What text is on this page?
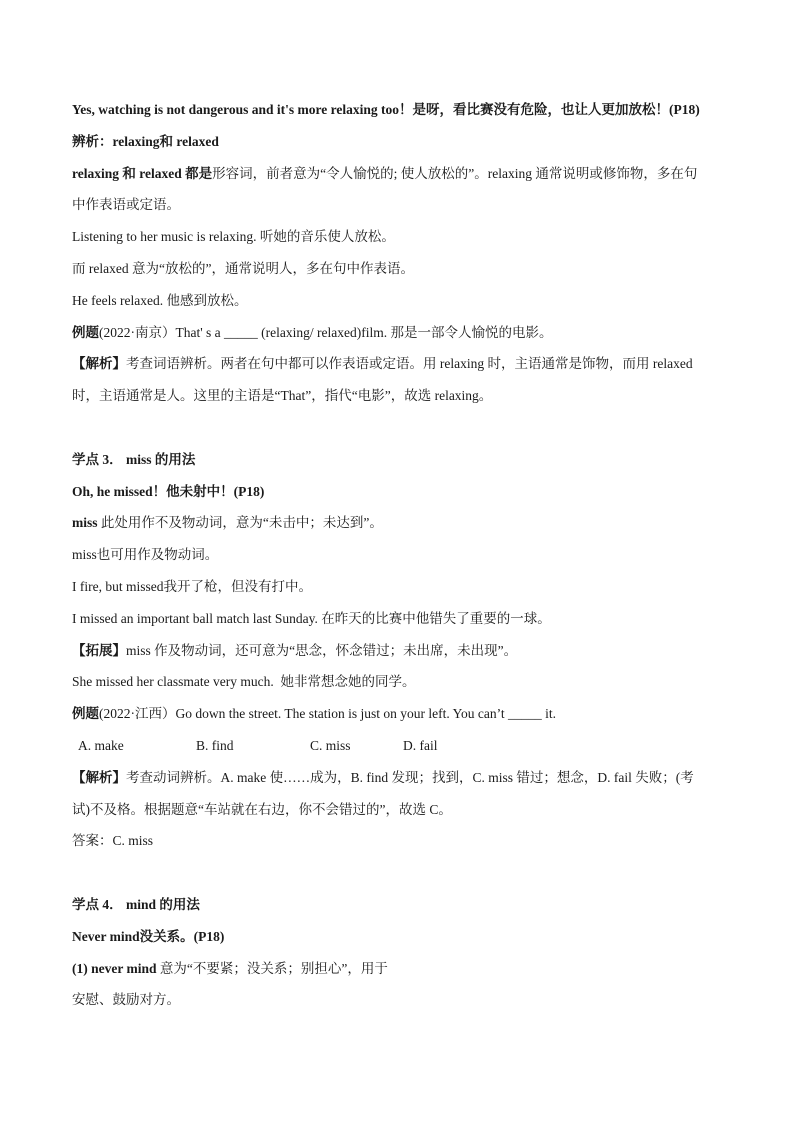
Yes, watching is not dangerous and it's more relaxing too！是呀，看比赛没有危险，也让人更加放松！(P18)
辨析：relaxing和 relaxed
relaxing 和 relaxed 都是形容词，前者意为“令人愉悦的; 使人放松的”。relaxing 通常说明或修饰物，多在句
中作表语或定语。
Listening to her music is relaxing. 听她的音乐使人放松。
而 relaxed 意为“放松的”，通常说明人，多在句中作表语。
He feels relaxed. 他感到放松。
例题(2022·南京）That' s a _____ (relaxing/ relaxed)film. 那是一部令人愉悦的电影。
【解析】考查词语辨析。两者在句中都可以作表语或定语。用 relaxing 时，主语通常是饰物，而用 relaxed
时，主语通常是人。这里的主语是“That”，指代“电影”，故选 relaxing。
学点 3． miss 的用法
Oh, he missed！他未射中！(P18)
miss 此处用作不及物动词，意为“未击中；未达到”。
miss也可用作及物动词。
I fire, but missed我开了枪，但没有打中。
I missed an important ball match last Sunday. 在昨天的比赛中他错失了重要的一球。
【拓展】miss 作及物动词，还可意为“思念，怀念错过；未出席，未出现”。
She missed her classmate very much.  她非常想念她的同学。
例题(2022·江西）Go down the street. The station is just on your left. You can’t _____ it.
A. make	B. find	C. miss	D. fail
【解析】考查动词辨析。A. make 使……成为，B. find 发现；找到，C. miss 错过；想念，D. fail 失败；(考
试)不及格。根据题意“车站就在右边，你不会错过的”，故选 C。
答案：C. miss
学点 4． mind 的用法
Never mind没关系。(P18)
(1) never mind 意为“不要紧；没关系；别担心”，用于
安慰、鼓励对方。
